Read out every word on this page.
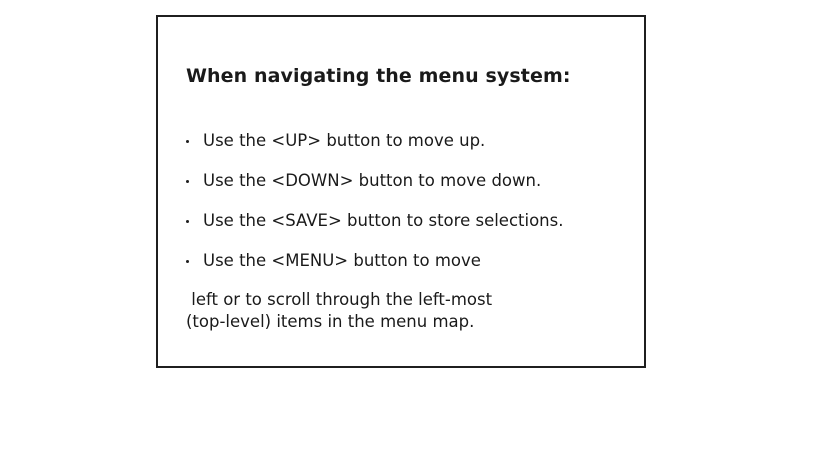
When navigating the menu system:
Use the <UP> button to move up.
Use the <DOWN> button to move down.
Use the <SAVE> button to store selections.
Use the <MENU> button to move

left or to scroll through the left-most
(top-level) items in the menu map.
